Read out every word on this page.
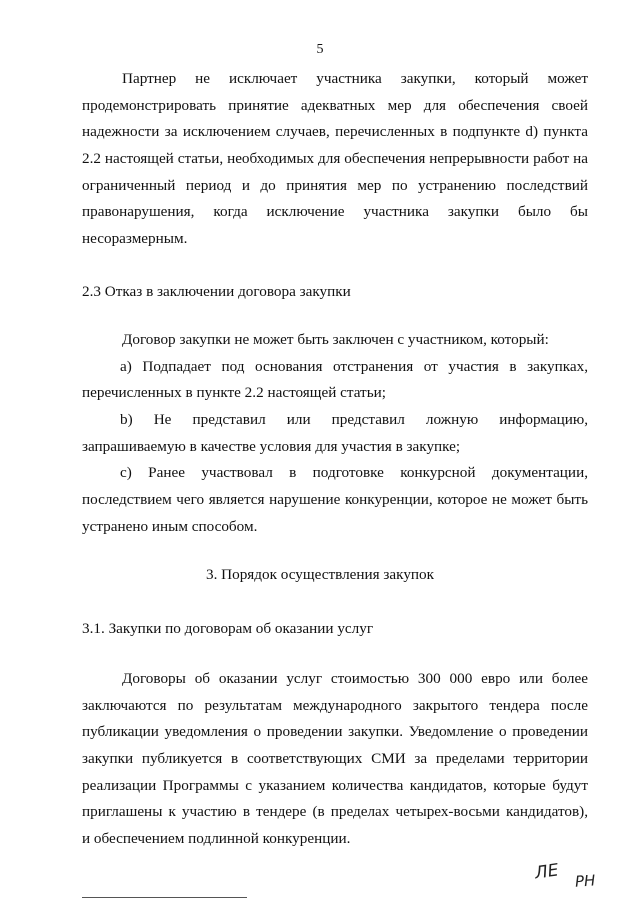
5
Партнер не исключает участника закупки, который может
продемонстрировать принятие адекватных мер для обеспечения своей
надежности за исключением случаев, перечисленных в подпункте d) пункта
2.2 настоящей статьи, необходимых для обеспечения непрерывности работ на
ограниченный период и до принятия мер по устранению последствий
правонарушения, когда исключение участника закупки было бы
несоразмерным.
2.3 Отказ в заключении договора закупки
Договор закупки не может быть заключен с участником, который:
a) Подпадает под основания отстранения от участия в закупках,
перечисленных в пункте 2.2 настоящей статьи;
b) Не представил или представил ложную информацию,
запрашиваемую в качестве условия для участия в закупке;
c) Ранее участвовал в подготовке конкурсной документации,
последствием чего является нарушение конкуренции, которое не может быть
устранено иным способом.
3. Порядок осуществления закупок
3.1. Закупки по договорам об оказании услуг
Договоры об оказании услуг стоимостью 300 000 евро или более
заключаются по результатам международного закрытого тендера после
публикации уведомления о проведении закупки. Уведомление о проведении
закупки публикуется в соответствующих СМИ за пределами территории
реализации Программы с указанием количества кандидатов, которые будут
приглашены к участию в тендере (в пределах четырех-восьми кандидатов),
и обеспечением подлинной конкуренции.
ЛЕ PH
